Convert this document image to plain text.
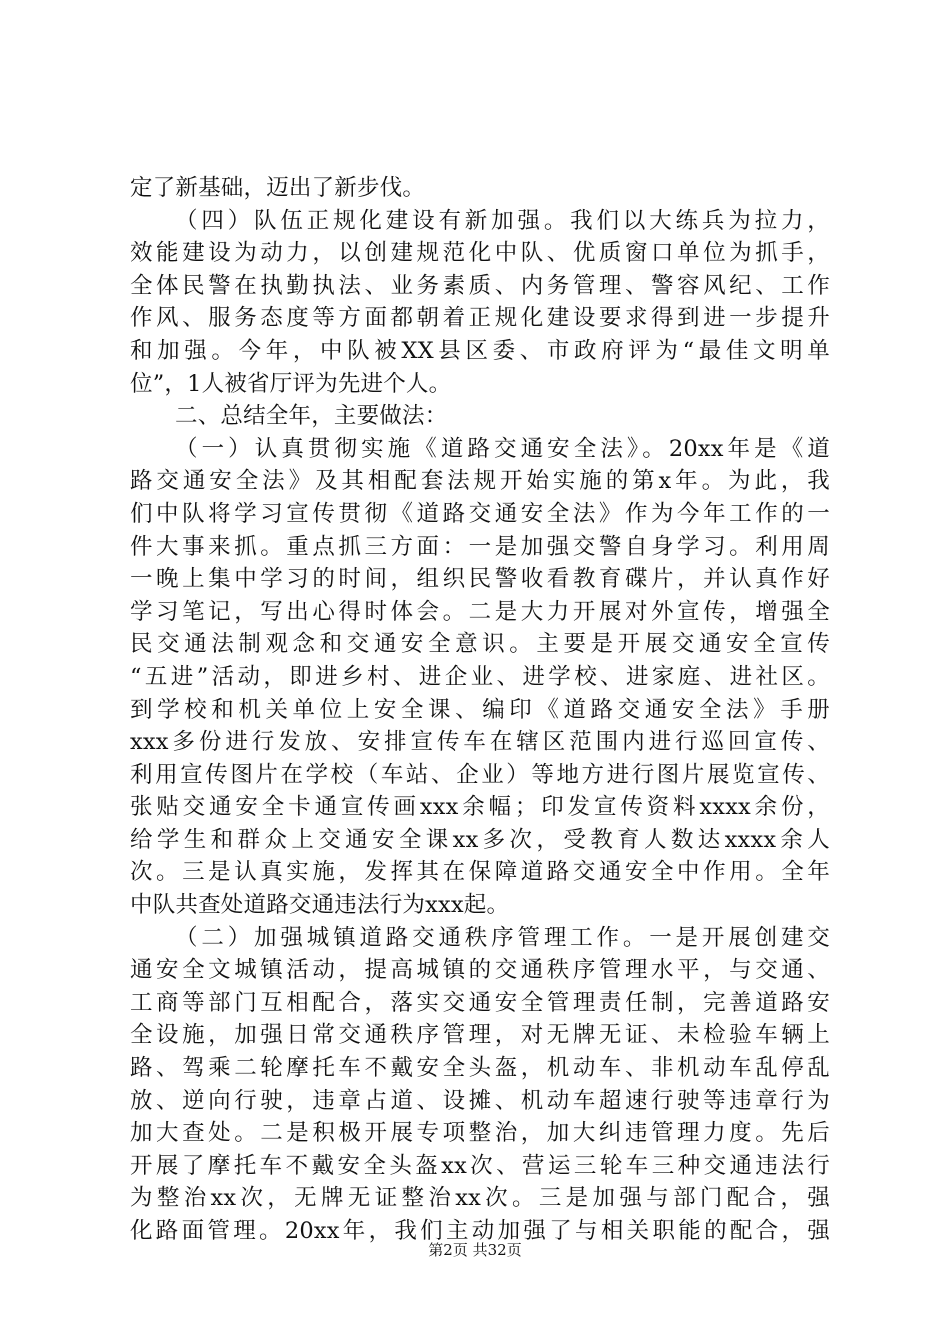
定了新基础，迈出了新步伐。
（四）队伍正规化建设有新加强。我们以大练兵为拉力，
效能建设为动力，以创建规范化中队、优质窗口单位为抓手，
全体民警在执勤执法、业务素质、内务管理、警容风纪、工作
作风、服务态度等方面都朝着正规化建设要求得到进一步提升
和加强。今年，中队被XX县区委、市政府评为“最佳文明单
位”，1人被省厅评为先进个人。
二、总结全年，主要做法：
（一）认真贯彻实施《道路交通安全法》。20xx年是《道
路交通安全法》及其相配套法规开始实施的第x年。为此，我
们中队将学习宣传贯彻《道路交通安全法》作为今年工作的一
件大事来抓。重点抓三方面：一是加强交警自身学习。利用周
一晚上集中学习的时间，组织民警收看教育碟片，并认真作好
学习笔记，写出心得时体会。二是大力开展对外宣传，增强全
民交通法制观念和交通安全意识。主要是开展交通安全宣传
“五进”活动，即进乡村、进企业、进学校、进家庭、进社区。
到学校和机关单位上安全课、编印《道路交通安全法》手册
xxx多份进行发放、安排宣传车在辖区范围内进行巡回宣传、
利用宣传图片在学校（车站、企业）等地方进行图片展览宣传、
张贴交通安全卡通宣传画xxx余幅；印发宣传资料xxxx余份，
给学生和群众上交通安全课xx多次，受教育人数达xxxx余人
次。三是认真实施，发挥其在保障道路交通安全中作用。全年
中队共查处道路交通违法行为xxx起。
（二）加强城镇道路交通秩序管理工作。一是开展创建交
通安全文城镇活动，提高城镇的交通秩序管理水平，与交通、
工商等部门互相配合，落实交通安全管理责任制，完善道路安
全设施，加强日常交通秩序管理，对无牌无证、未检验车辆上
路、驾乘二轮摩托车不戴安全头盔，机动车、非机动车乱停乱
放、逆向行驶，违章占道、设摊、机动车超速行驶等违章行为
加大查处。二是积极开展专项整治，加大纠违管理力度。先后
开展了摩托车不戴安全头盔xx次、营运三轮车三种交通违法行
为整治xx次，无牌无证整治xx次。三是加强与部门配合，强
化路面管理。20xx年，我们主动加强了与相关职能的配合，强
第2页 共32页
